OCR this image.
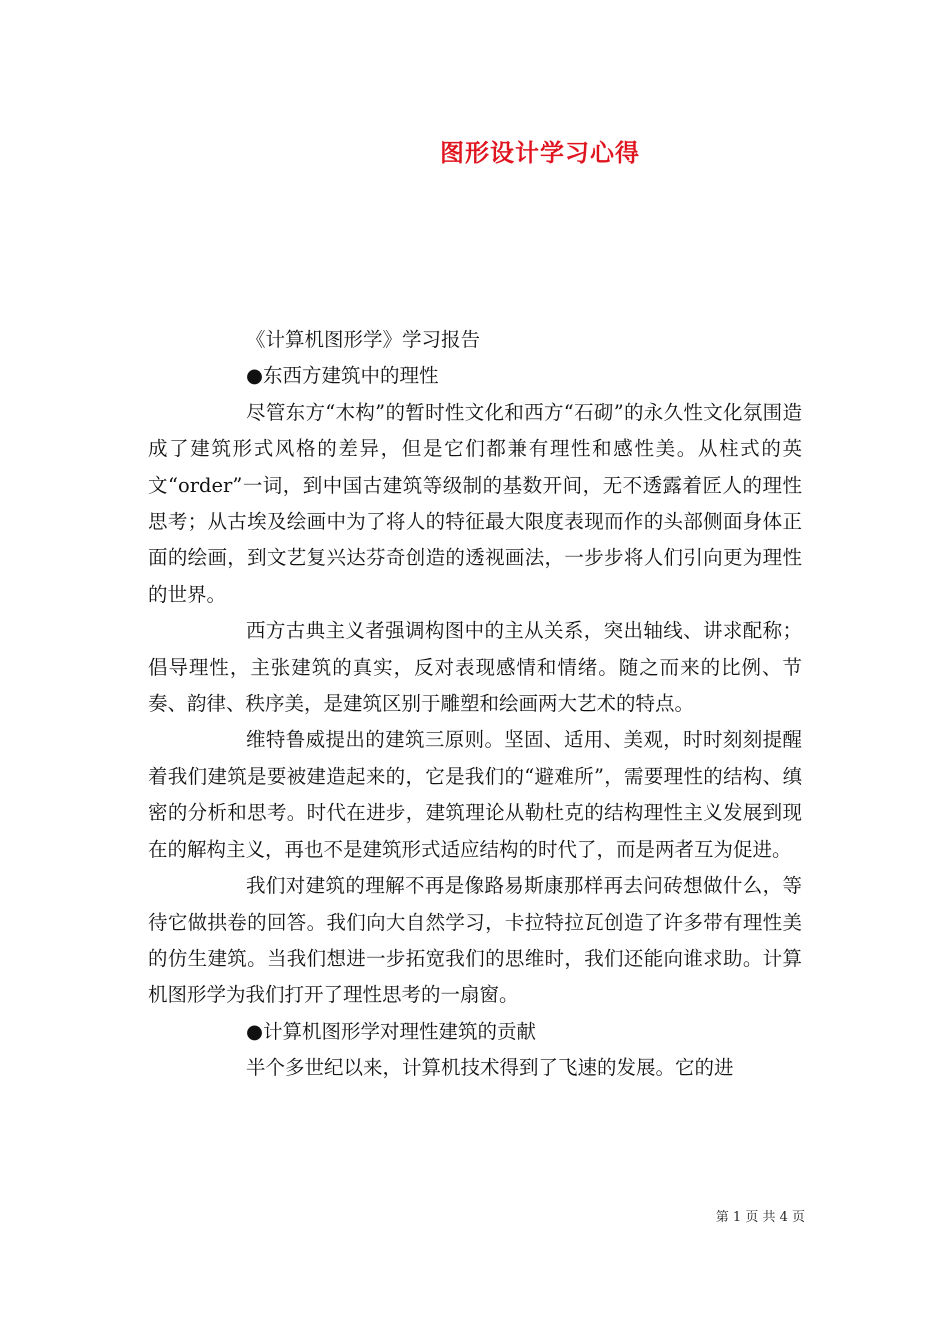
图形设计学习心得

《计算机图形学》学习报告

●东西方建筑中的理性

尽管东方“木构”的暂时性文化和西方“石砌”的永久性文化氛围造成了建筑形式风格的差异，但是它们都兼有理性和感性美。从柱式的英文“order”一词，到中国古建筑等级制的基数开间，无不透露着匠人的理性思考；从古埃及绘画中为了将人的特征最大限度表现而作的头部侧面身体正面的绘画，到文艺复兴达芬奇创造的透视画法，一步步将人们引向更为理性的世界。

西方古典主义者强调构图中的主从关系，突出轴线、讲求配称；倡导理性，主张建筑的真实，反对表现感情和情绪。随之而来的比例、节奏、韵律、秩序美，是建筑区别于雕塑和绘画两大艺术的特点。

维特鲁威提出的建筑三原则。坚固、适用、美观，时时刻刻提醒着我们建筑是要被建造起来的，它是我们的“避难所”，需要理性的结构、缜密的分析和思考。时代在进步，建筑理论从勒杜克的结构理性主义发展到现在的解构主义，再也不是建筑形式适应结构的时代了，而是两者互为促进。

我们对建筑的理解不再是像路易斯康那样再去问砖想做什么，等待它做拱卷的回答。我们向大自然学习，卡拉特拉瓦创造了许多带有理性美的仿生建筑。当我们想进一步拓宽我们的思维时，我们还能向谁求助。计算机图形学为我们打开了理性思考的一扇窗。

●计算机图形学对理性建筑的贡献

半个多世纪以来，计算机技术得到了飞速的发展。它的进

第 1 页 共 4 页
